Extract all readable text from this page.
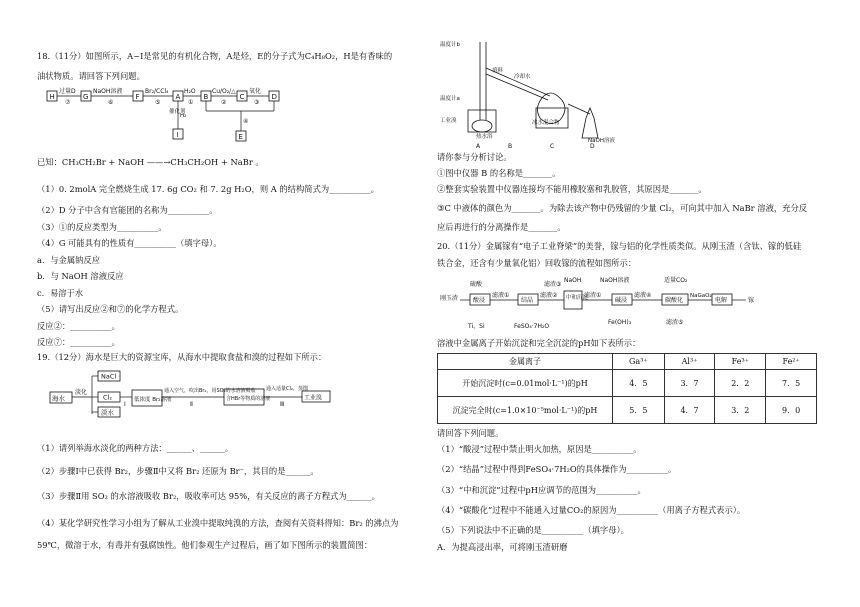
18.（11分）如图所示，A~I是常见的有机化合物，A是烃，E的分子式为C₄H₈O₂，H是有香味的
油状物质。请回答下列问题。
H
过量D
⑦
G
NaOH溶液
⑥
F
Br₂/CCl₄
⑤
A
H₂O
①
B
Cu/O₂/△
②
C
氧化
③
D
催化剂
H₂
I
④
E
已知：CH₃CH₂Br + NaOH ——→CH₃CH₂OH + NaBr 。
（1）0. 2molA 完全燃烧生成 17. 6g CO₂ 和 7. 2g H₂O，则 A 的结构简式为__________。
（2）D 分子中含有官能团的名称为__________。
（3）①的反应类型为__________。
（4）G 可能具有的性质有__________（填字母）。
a．与金属钠反应
b．与 NaOH 溶液反应
c．易溶于水
（5）请写出反应②和⑦的化学方程式。
反应②：__________。
反应⑦：__________。
19.（12分）海水是巨大的资源宝库，从海水中提取食盐和溴的过程如下所示：
海水
淡化
NaCl
Cl₂
淡水
Ⅰ
低浓度 Br₂溶液
通入空气，吹出Br₂，用SO₂的水溶液吸收
Ⅱ
含HBr等物质的溶液
通入适量Cl₂，蒸馏
Ⅲ
工业溴
（1）请列举海水淡化的两种方法：______、______。
（2）步骤Ⅰ中已获得 Br₂，步骤Ⅱ中又将 Br₂ 还原为 Br⁻，其目的是______。
（3）步骤Ⅱ用 SO₂ 的水溶液吸收 Br₂，吸收率可达 95%，有关反应的离子方程式为______。
（4）某化学研究性学习小组为了解从工业溴中提取纯溴的方法，查阅有关资料得知：Br₂ 的沸点为
59℃，微溶于水，有毒并有强腐蚀性。他们参观生产过程后，画了如下图所示的装置简图：
温度计b
温度计a
工业溴
填料
冷却水
冰水混合物
热水浴
NaOH溶液
A	B	C	D
请你参与分析讨论。
①图中仪器 B 的名称是_______。
②整套实验装置中仪器连接均不能用橡胶塞和乳胶管，其原因是_______。
③C 中液体的颜色为_______。为除去该产物中仍残留的少量 Cl₂，可向其中加入 NaBr 溶液，充分反
应后再进行的分离操作是_______。
20.（11分）金属镓有“电子工业脊梁”的美誉，镓与铝的化学性质类似。从刚玉渣（含钛、镓的低硅
铁合金，还含有少量氧化铝）回收镓的流程如图所示：
刚玉渣
硫酸
酸浸
滤液①
结晶
滤液②
滤渣③
中和沉淀
NaOH
滤渣①
碱浸
NaOH溶液
滤液④
碳酸化
适量CO₂
NaGaO₂
电解	镓
Ti、Si	FeSO₄·7H₂O
Fe(OH)₃	滤渣⑤
溶液中金属离子开始沉淀和完全沉淀的pH如下表所示：
金属离子	Ga³⁺	Al³⁺	Fe³⁺	Fe²⁺
开始沉淀时(c=0.01mol·L⁻¹)的pH	4．5	3．7	2．2	7．5
沉淀完全时(c=1.0×10⁻⁵mol·L⁻¹)的pH	5．5	4．7	3．2	9．0
请回答下列问题。
（1）“酸浸”过程中禁止明火加热，原因是__________。
（2）“结晶”过程中得到FeSO₄·7H₂O的具体操作为__________。
（3）“中和沉淀”过程中pH应调节的范围为__________。
（4）“碳酸化”过程中不能通入过量CO₂的原因为__________（用离子方程式表示）。
（5）下列说法中不正确的是__________（填字母）。
A．为提高浸出率，可将刚玉渣研磨
